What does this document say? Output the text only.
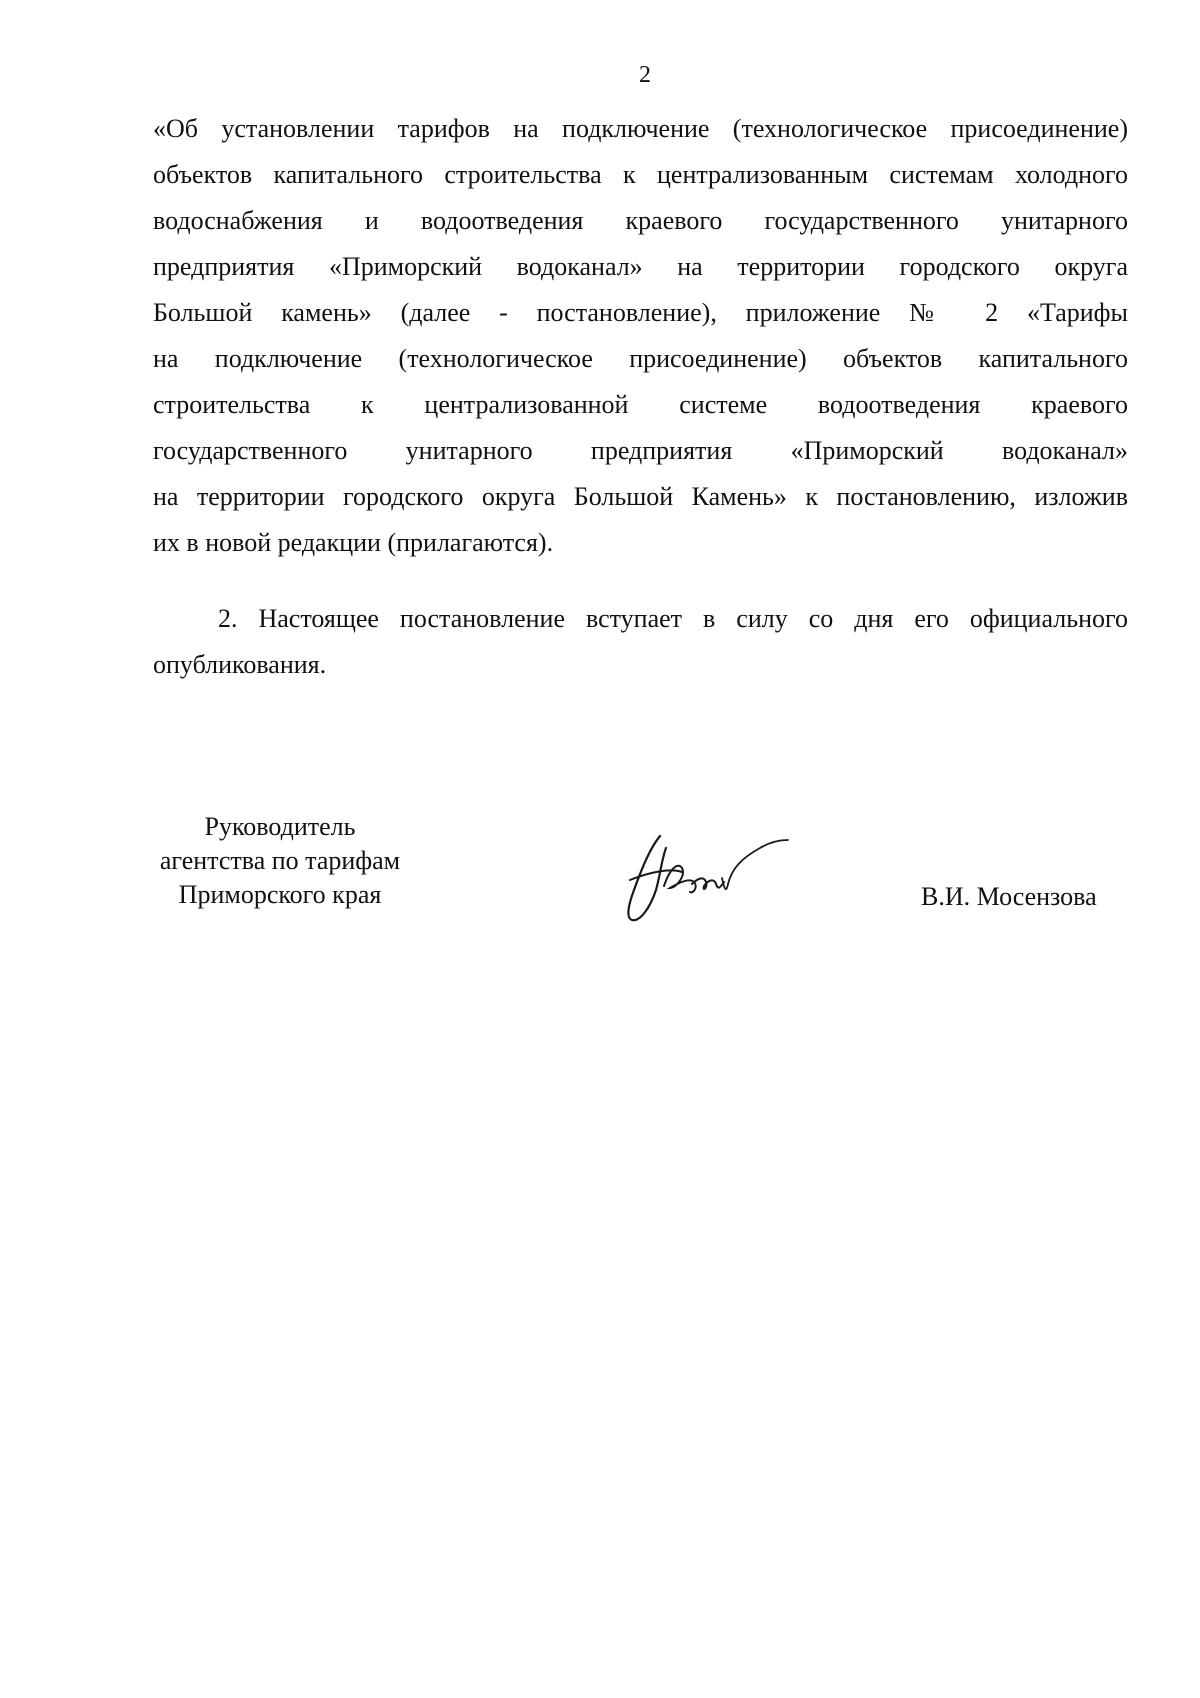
2
«Об установлении тарифов на подключение (технологическое присоединение)
объектов капитального строительства к централизованным системам холодного
водоснабжения и водоотведения краевого государственного унитарного
предприятия «Приморский водоканал» на территории городского округа
Большой камень» (далее - постановление), приложение № 2 «Тарифы
на подключение (технологическое присоединение) объектов капитального
строительства к централизованной системе водоотведения краевого
государственного унитарного предприятия «Приморский водоканал»
на территории городского округа Большой Камень» к постановлению, изложив
их в новой редакции (прилагаются).
2. Настоящее постановление вступает в силу со дня его официального
опубликования.
Руководитель
агентства по тарифам
Приморского края	В.И. Мосензова
